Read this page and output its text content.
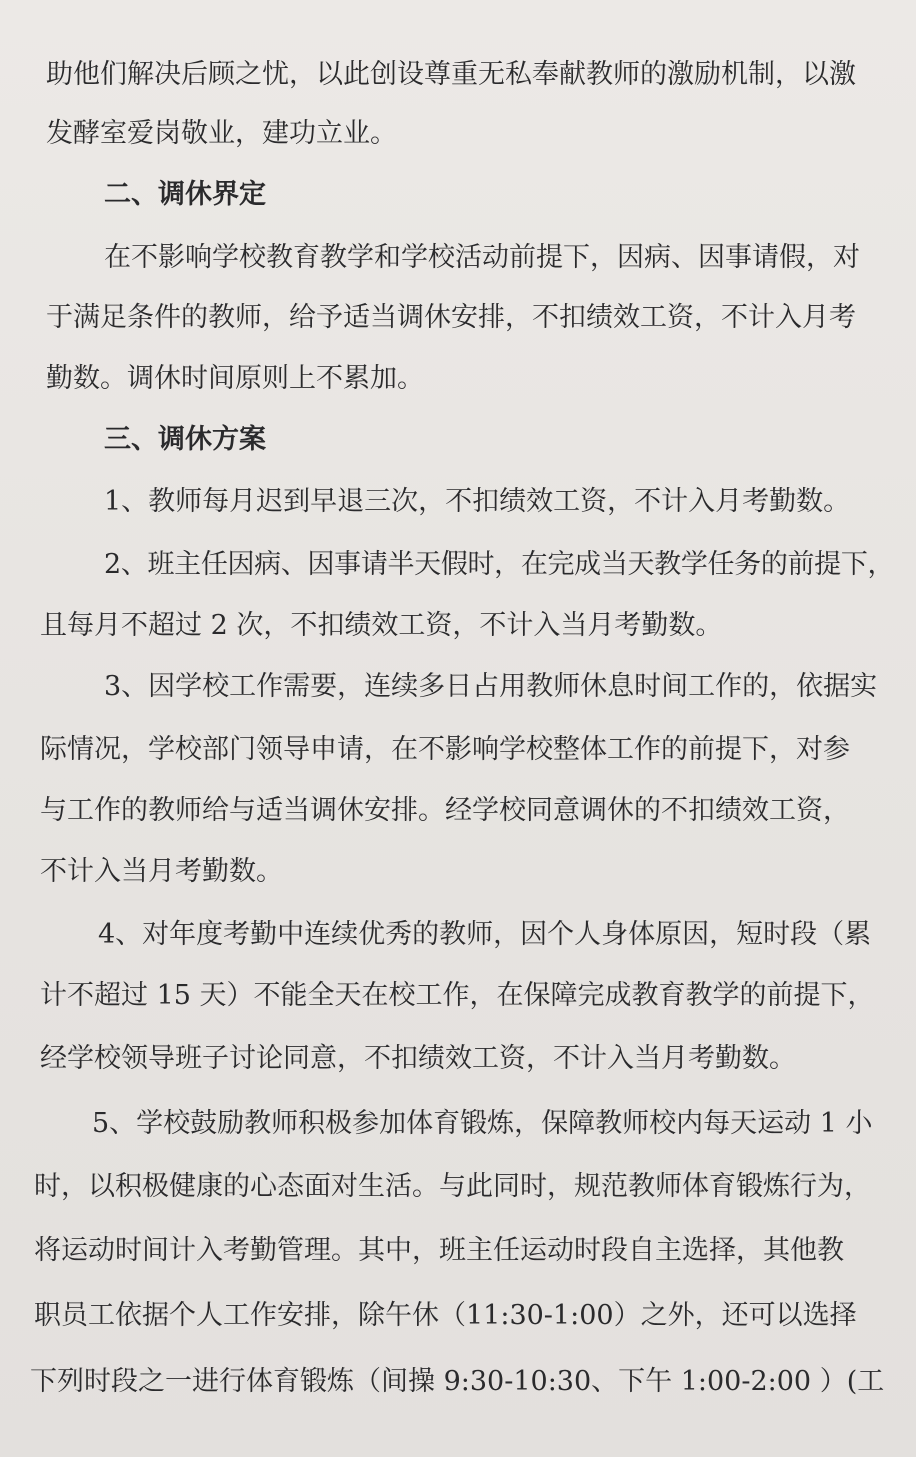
助他们解决后顾之忧，以此创设尊重无私奉献教师的激励机制，以激
发酵室爱岗敬业，建功立业。
二、调休界定
在不影响学校教育教学和学校活动前提下，因病、因事请假，对
于满足条件的教师，给予适当调休安排，不扣绩效工资，不计入月考
勤数。调休时间原则上不累加。
三、调休方案
1、教师每月迟到早退三次，不扣绩效工资，不计入月考勤数。
2、班主任因病、因事请半天假时，在完成当天教学任务的前提下，
且每月不超过 2 次，不扣绩效工资，不计入当月考勤数。
3、因学校工作需要，连续多日占用教师休息时间工作的，依据实
际情况，学校部门领导申请，在不影响学校整体工作的前提下，对参
与工作的教师给与适当调休安排。经学校同意调休的不扣绩效工资，
不计入当月考勤数。
4、对年度考勤中连续优秀的教师，因个人身体原因，短时段（累
计不超过 15 天）不能全天在校工作，在保障完成教育教学的前提下，
经学校领导班子讨论同意，不扣绩效工资，不计入当月考勤数。
5、学校鼓励教师积极参加体育锻炼，保障教师校内每天运动 1 小
时，以积极健康的心态面对生活。与此同时，规范教师体育锻炼行为，
将运动时间计入考勤管理。其中，班主任运动时段自主选择，其他教
职员工依据个人工作安排，除午休（11:30-1:00）之外，还可以选择
下列时段之一进行体育锻炼（间操 9:30-10:30、下午 1:00-2:00 ）(工
